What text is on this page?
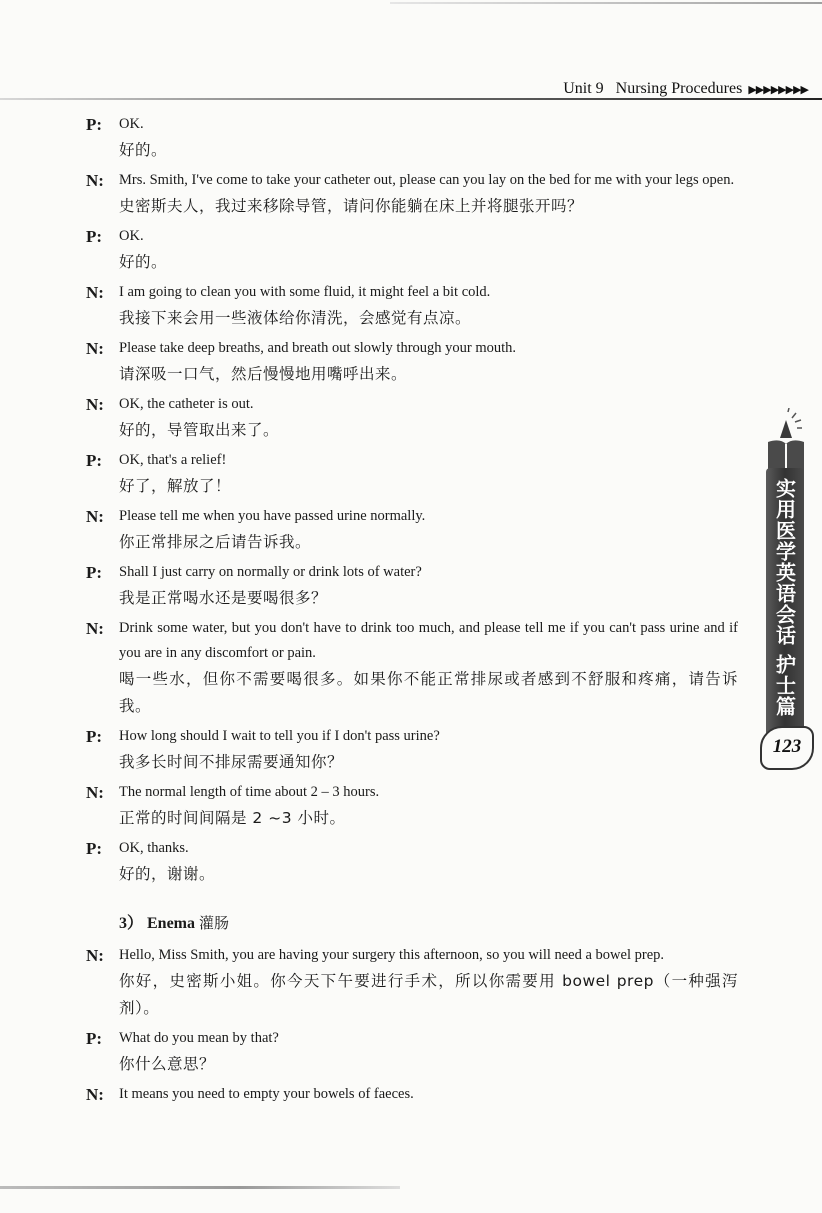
Unit 9 Nursing Procedures ▶▶▶▶▶▶▶▶
P:	OK.
好的。
N:	Mrs. Smith, I've come to take your catheter out, please can you lay on the bed for me with your legs open.
史密斯夫人，我过来移除导管，请问你能躺在床上并将腿张开吗？
P:	OK.
好的。
N:	I am going to clean you with some fluid, it might feel a bit cold.
我接下来会用一些液体给你清洗，会感觉有点凉。
N:	Please take deep breaths, and breath out slowly through your mouth.
请深吸一口气，然后慢慢地用嘴呼出来。
N:	OK, the catheter is out.
好的，导管取出来了。
P:	OK, that's a relief!
好了，解放了！
N:	Please tell me when you have passed urine normally.
你正常排尿之后请告诉我。
P:	Shall I just carry on normally or drink lots of water?
我是正常喝水还是要喝很多？
N:	Drink some water, but you don't have to drink too much, and please tell me if you can't pass urine and if you are in any discomfort or pain.
喝一些水，但你不需要喝很多。如果你不能正常排尿或者感到不舒服和疼痛，请告诉我。
P:	How long should I wait to tell you if I don't pass urine?
我多长时间不排尿需要通知你？
N:	The normal length of time about 2 – 3 hours.
正常的时间间隔是 2 ~3 小时。
P:	OK, thanks.
好的，谢谢。
3） Enema 灌肠
N:	Hello, Miss Smith, you are having your surgery this afternoon, so you will need a bowel prep.
你好，史密斯小姐。你今天下午要进行手术，所以你需要用 bowel prep（一种强泻剂）。
P:	What do you mean by that?
你什么意思？
N:	It means you need to empty your bowels of faeces.
实用医学英语会话
护士篇
123
